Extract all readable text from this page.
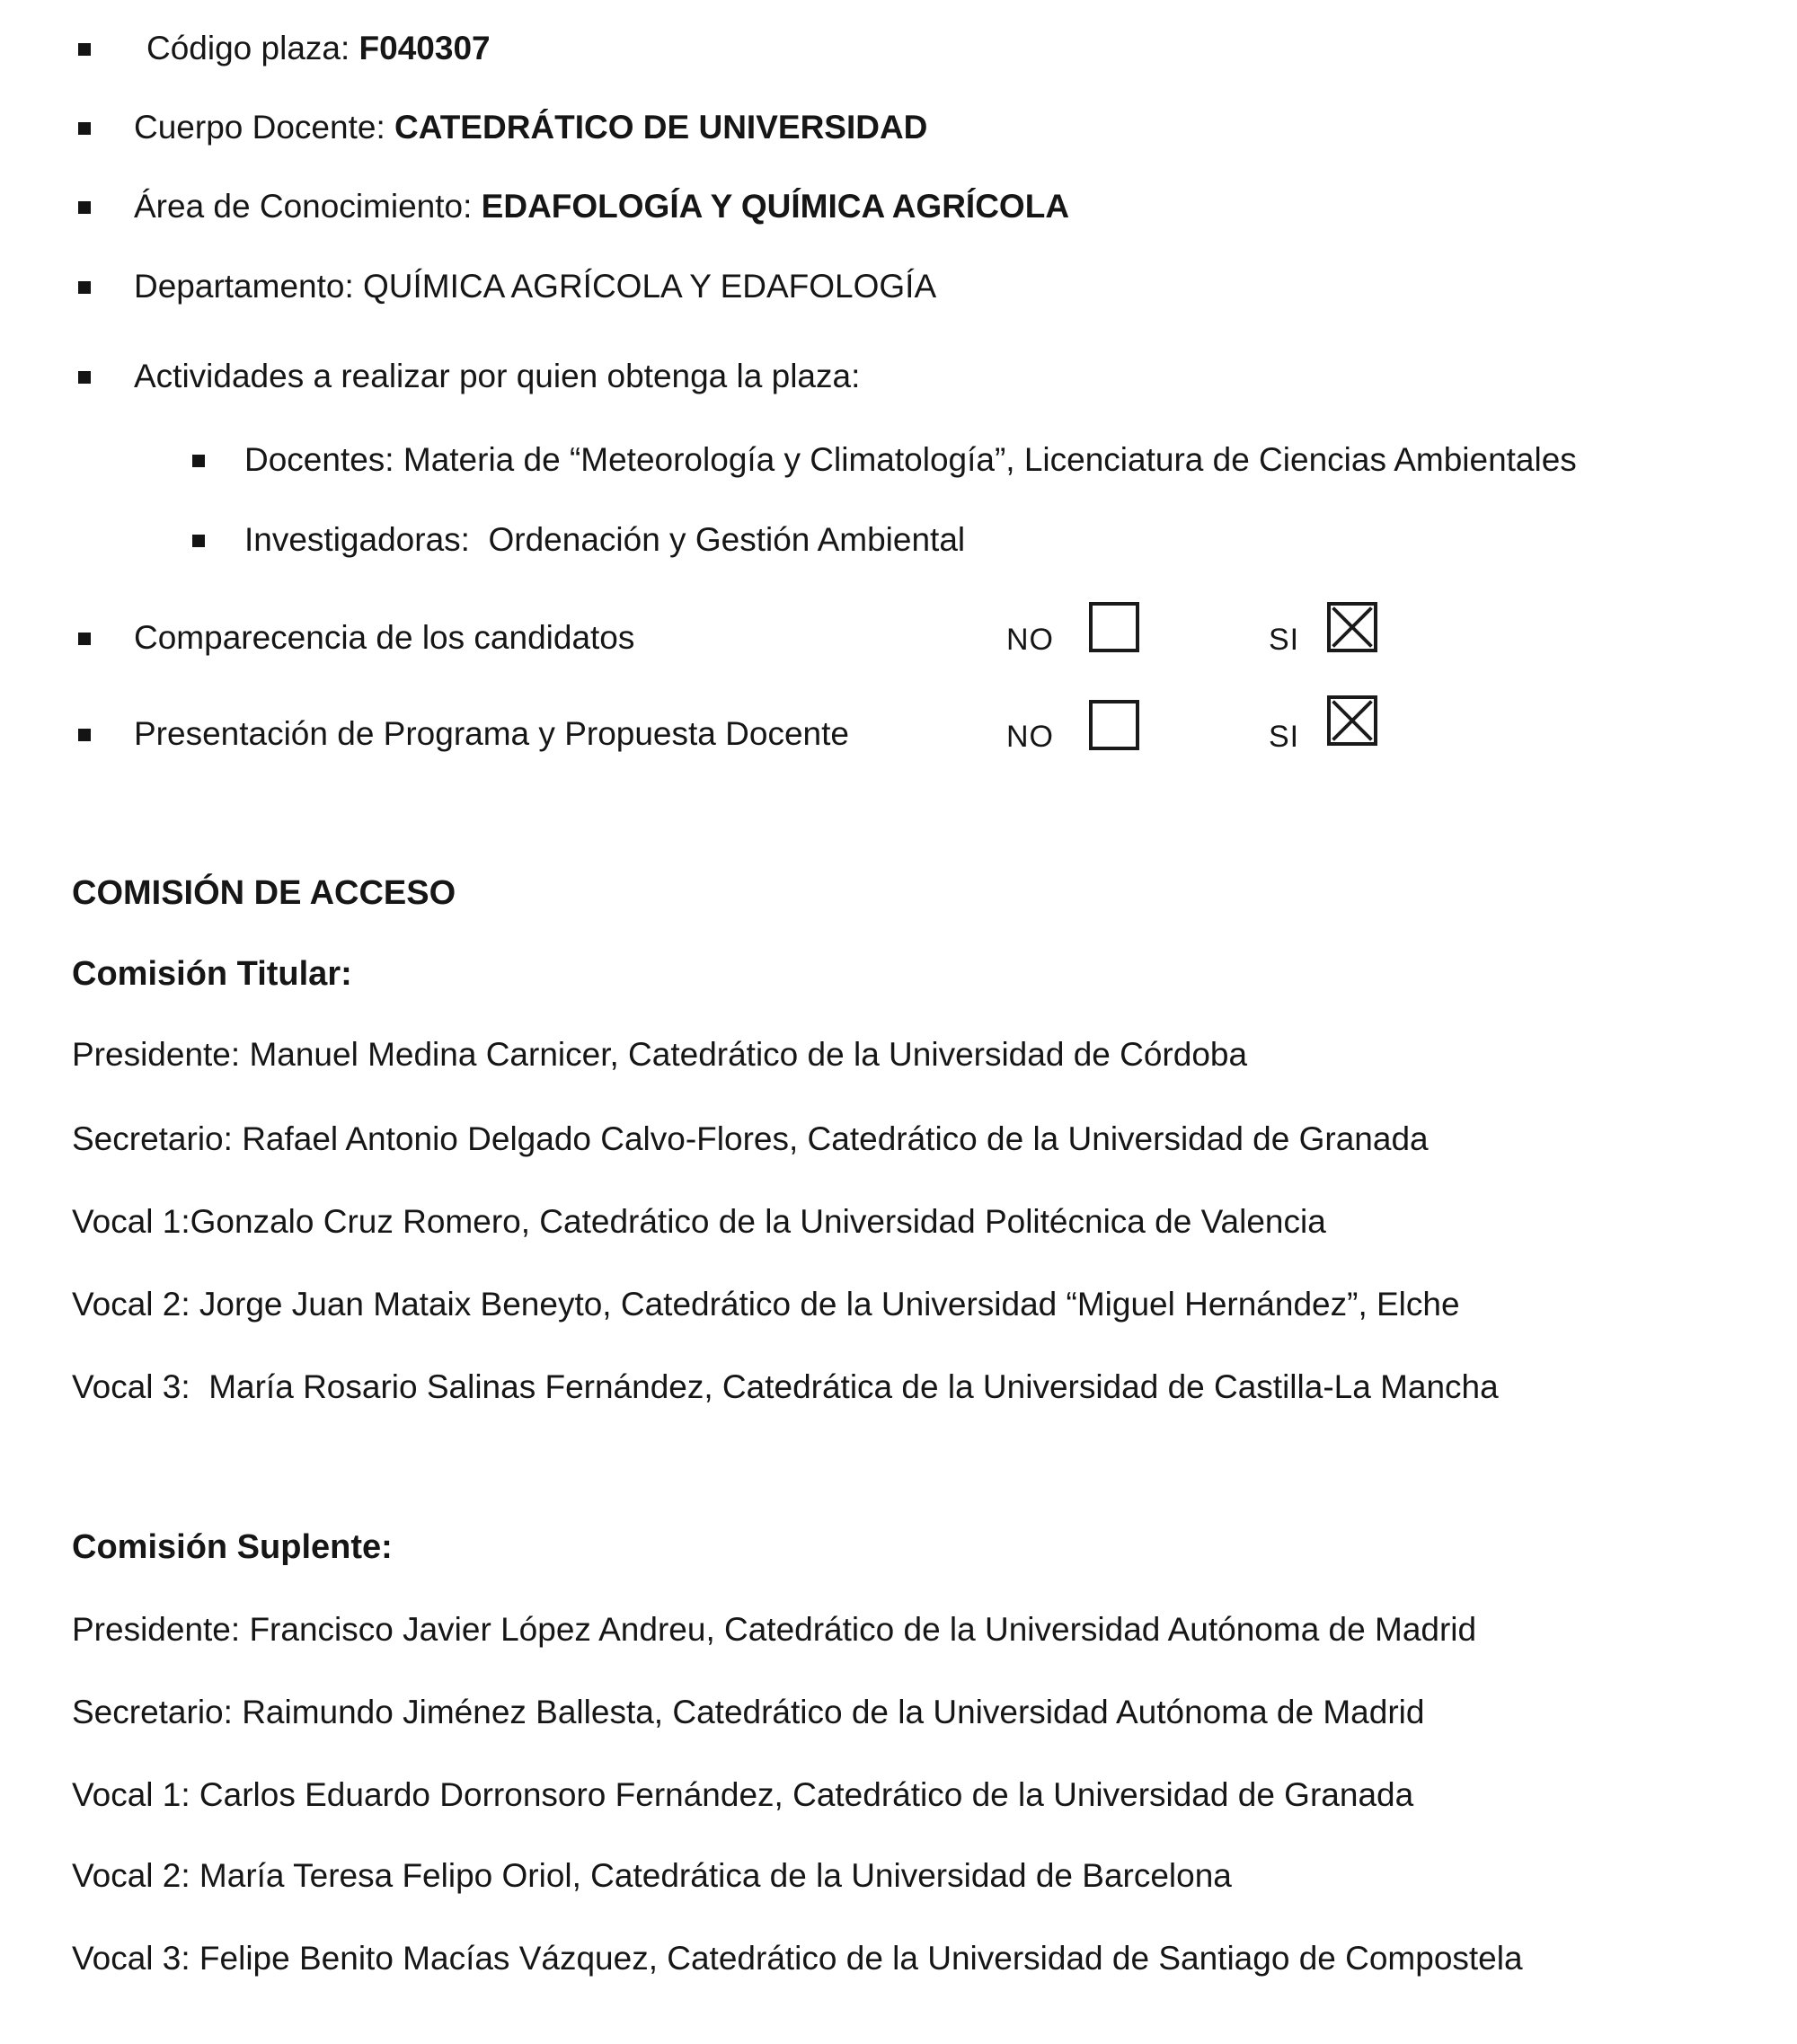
Código plaza: F040307
Cuerpo Docente: CATEDRÁTICO DE UNIVERSIDAD
Área de Conocimiento: EDAFOLOGÍA Y QUÍMICA AGRÍCOLA
Departamento: QUÍMICA AGRÍCOLA Y EDAFOLOGÍA
Actividades a realizar por quien obtenga la plaza:
Docentes: Materia de “Meteorología y Climatología”, Licenciatura de Ciencias Ambientales
Investigadoras:  Ordenación y Gestión Ambiental
Comparecencia de los candidatos	NO	SI
Presentación de Programa y Propuesta Docente	NO	SI
COMISIÓN DE ACCESO
Comisión Titular:
Presidente: Manuel Medina Carnicer, Catedrático de la Universidad de Córdoba
Secretario: Rafael Antonio Delgado Calvo-Flores, Catedrático de la Universidad de Granada
Vocal 1:Gonzalo Cruz Romero, Catedrático de la Universidad Politécnica de Valencia
Vocal 2: Jorge Juan Mataix Beneyto, Catedrático de la Universidad “Miguel Hernández”, Elche
Vocal 3:  María Rosario Salinas Fernández, Catedrática de la Universidad de Castilla-La Mancha
Comisión Suplente:
Presidente: Francisco Javier López Andreu, Catedrático de la Universidad Autónoma de Madrid
Secretario: Raimundo Jiménez Ballesta, Catedrático de la Universidad Autónoma de Madrid
Vocal 1: Carlos Eduardo Dorronsoro Fernández, Catedrático de la Universidad de Granada
Vocal 2: María Teresa Felipo Oriol, Catedrática de la Universidad de Barcelona
Vocal 3: Felipe Benito Macías Vázquez, Catedrático de la Universidad de Santiago de Compostela
